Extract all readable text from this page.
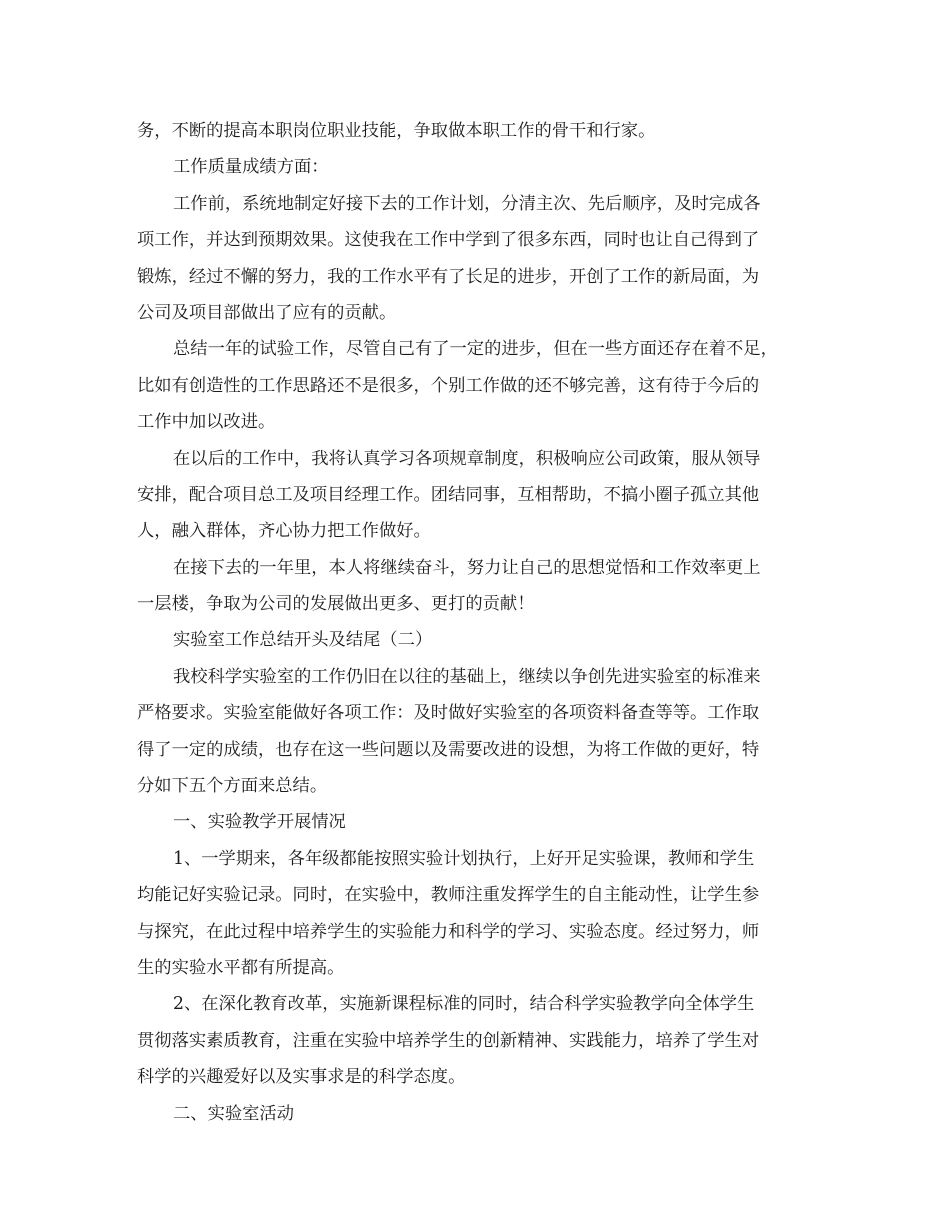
务，不断的提高本职岗位职业技能，争取做本职工作的骨干和行家。
工作质量成绩方面：
工作前，系统地制定好接下去的工作计划，分清主次、先后顺序，及时完成各
项工作，并达到预期效果。这使我在工作中学到了很多东西，同时也让自己得到了
锻炼，经过不懈的努力，我的工作水平有了长足的进步，开创了工作的新局面，为
公司及项目部做出了应有的贡献。
总结一年的试验工作，尽管自己有了一定的进步，但在一些方面还存在着不足，
比如有创造性的工作思路还不是很多，个别工作做的还不够完善，这有待于今后的
工作中加以改进。
在以后的工作中，我将认真学习各项规章制度，积极响应公司政策，服从领导
安排，配合项目总工及项目经理工作。团结同事，互相帮助，不搞小圈子孤立其他
人，融入群体，齐心协力把工作做好。
在接下去的一年里，本人将继续奋斗，努力让自己的思想觉悟和工作效率更上
一层楼，争取为公司的发展做出更多、更打的贡献！
实验室工作总结开头及结尾（二）
我校科学实验室的工作仍旧在以往的基础上，继续以争创先进实验室的标准来
严格要求。实验室能做好各项工作：及时做好实验室的各项资料备查等等。工作取
得了一定的成绩，也存在这一些问题以及需要改进的设想，为将工作做的更好，特
分如下五个方面来总结。
一、实验教学开展情况
1、一学期来，各年级都能按照实验计划执行，上好开足实验课，教师和学生
均能记好实验记录。同时，在实验中，教师注重发挥学生的自主能动性，让学生参
与探究，在此过程中培养学生的实验能力和科学的学习、实验态度。经过努力，师
生的实验水平都有所提高。
2、在深化教育改革，实施新课程标准的同时，结合科学实验教学向全体学生
贯彻落实素质教育，注重在实验中培养学生的创新精神、实践能力，培养了学生对
科学的兴趣爱好以及实事求是的科学态度。
二、实验室活动
